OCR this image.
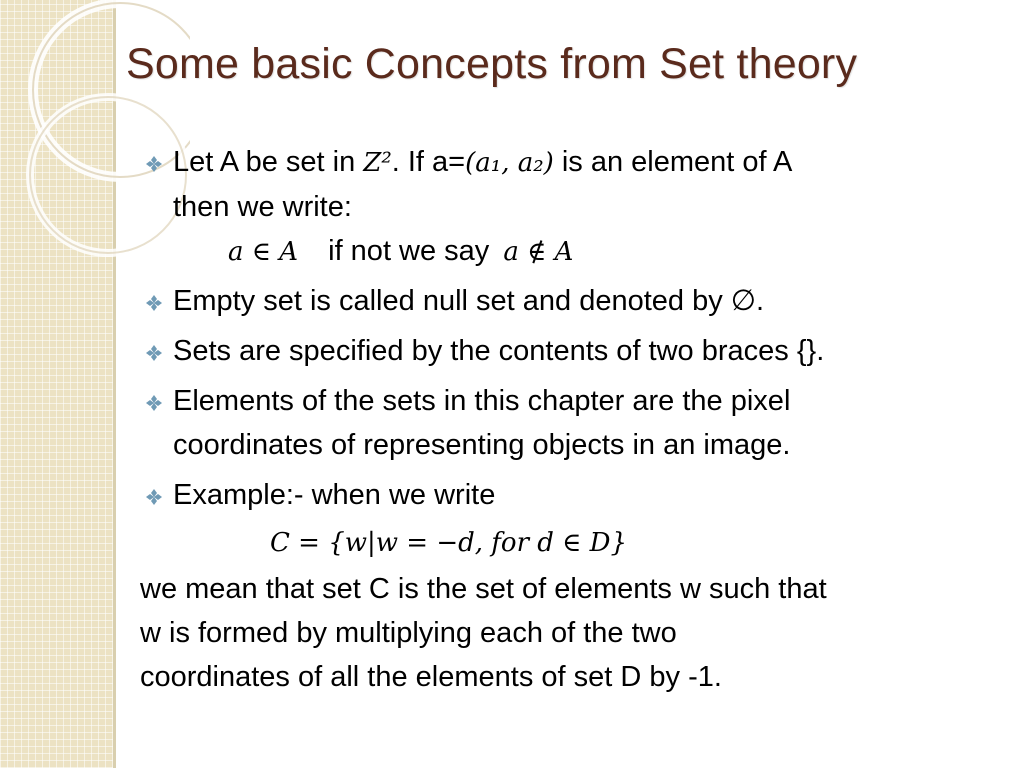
Some basic Concepts from Set theory
Let A be set in Z². If a=(a₁, a₂) is an element of A
then we write:
a ∈ A if not we say a ∉ A
Empty set is called null set and denoted by ∅.
Sets are specified by the contents of two braces {}.
Elements of the sets in this chapter are the pixel
coordinates of representing objects in an image.
Example:- when we write
C = {w|w = −d, for d ∈ D}
we mean that set C is the set of elements w such that
w is formed by multiplying each of the two
coordinates of all the elements of set D by -1.
